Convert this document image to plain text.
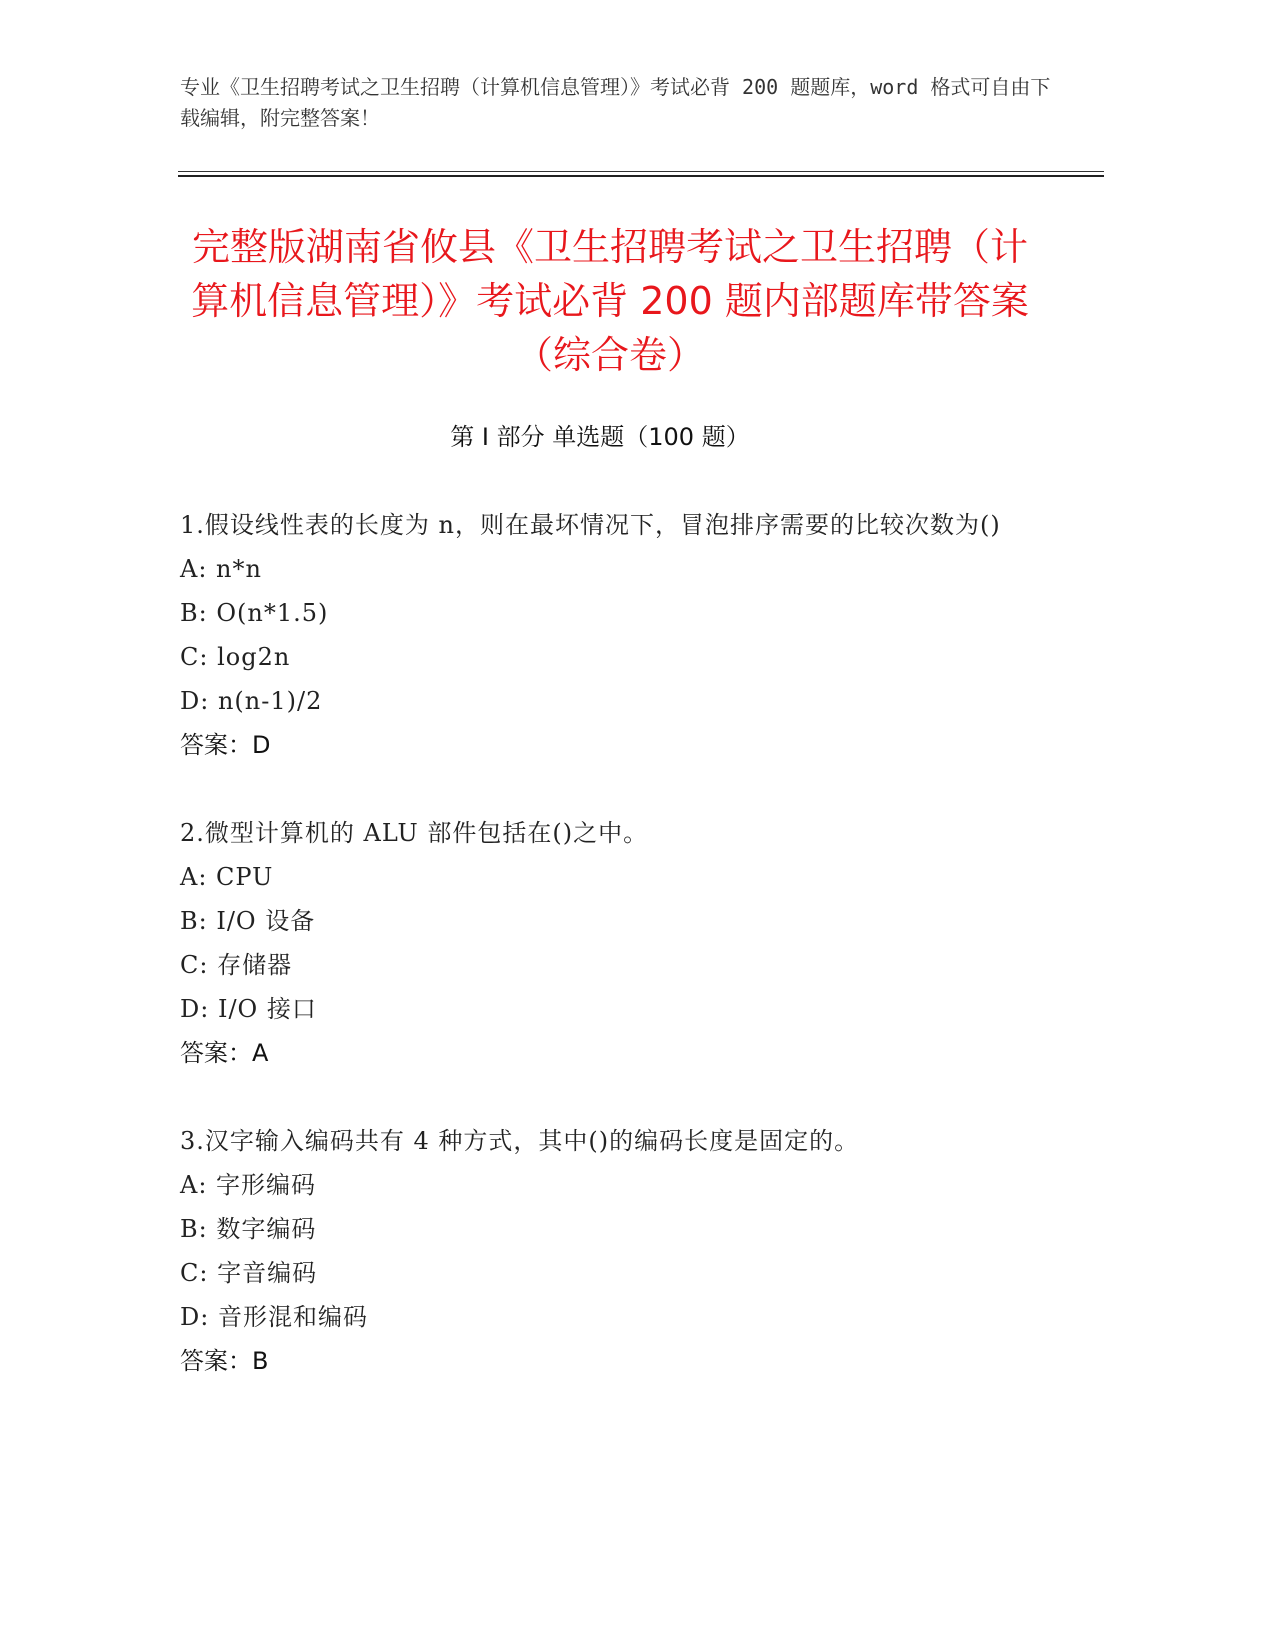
专业《卫生招聘考试之卫生招聘（计算机信息管理）》考试必背 200 题题库，word 格式可自由下载编辑，附完整答案！
完整版湖南省攸县《卫生招聘考试之卫生招聘（计算机信息管理）》考试必背 200 题内部题库带答案（综合卷）
第 I 部分 单选题（100 题）
1.假设线性表的长度为 n，则在最坏情况下，冒泡排序需要的比较次数为()
A: n*n
B: O(n*1.5)
C: log2n
D: n(n-1)/2
答案：D
2.微型计算机的 ALU 部件包括在()之中。
A: CPU
B: I/O 设备
C: 存储器
D: I/O 接口
答案：A
3.汉字输入编码共有 4 种方式，其中()的编码长度是固定的。
A: 字形编码
B: 数字编码
C: 字音编码
D: 音形混和编码
答案：B
